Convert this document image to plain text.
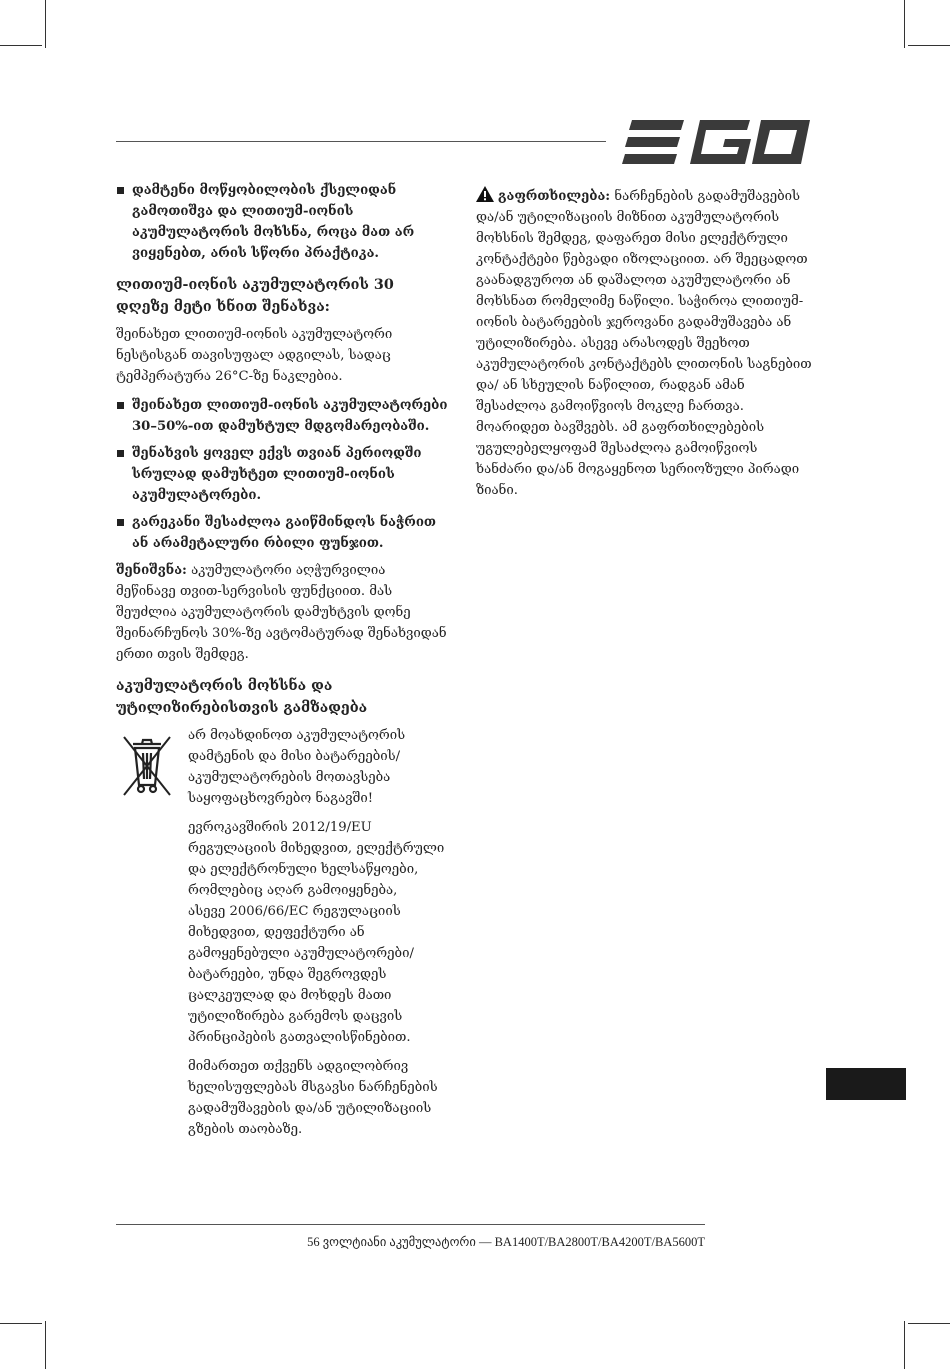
დამტენი მოწყობილობის ქსელიდან გამოთიშვა და ლითიუმ-იონის აკუმულატორის მოხსნა, როცა მათ არ ვიყენებთ, არის სწორი პრაქტიკა.
ლითიუმ-იონის აკუმულატორის 30 დღეზე მეტი ხნით შენახვა:

შეინახეთ ლითიუმ-იონის აკუმულატორი ნესტისგან თავისუფალ ადგილას, სადაც ტემპერატურა 26°C-ზე ნაკლებია.

შეინახეთ ლითიუმ-იონის აკუმულატორები 30–50%-ით დამუხტულ მდგომარეობაში.
შენახვის ყოველ ექვს თვიან პერიოდში სრულად დამუხტეთ ლითიუმ-იონის აკუმულატორები.
გარეკანი შესაძლოა გაიწმინდოს ნაჭრით ან არამეტალური რბილი ფუნჯით.

შენიშვნა: აკუმულატორი აღჭურვილია მეწინავე თვით-სერვისის ფუნქციით. მას შეუძლია აკუმულატორის დამუხტვის დონე შეინარჩუნოს 30%-ზე ავტომატურად შენახვიდან ერთი თვის შემდეგ.

აკუმულატორის მოხსნა და უტილიზირებისთვის გამზადება

არ მოახდინოთ აკუმულატორის დამტენის და მისი ბატარეების/ აკუმულატორების მოთავსება საყოფაცხოვრებო ნაგავში!

ევროკავშირის 2012/19/EU რეგულაციის მიხედვით, ელექტრული და ელექტრონული ხელსაწყოები, რომლებიც აღარ გამოიყენება,
ასევე 2006/66/EC რეგულაციის მიხედვით, დეფექტური ან გამოყენებული აკუმულატორები/ ბატარეები, უნდა შეგროვდეს ცალკეულად და მოხდეს მათი უტილიზირება გარემოს დაცვის პრინციპების გათვალისწინებით.

მიმართეთ თქვენს ადგილობრივ ხელისუფლებას მსგავსი ნარჩენების გადამუშავების და/ან უტილიზაციის გზების თაობაზე.

გაფრთხილება: ნარჩენების გადამუშავების და/ან უტილიზაციის მიზნით აკუმულატორის მოხსნის შემდეგ, დაფარეთ მისი ელექტრული კონტაქტები წებვადი იზოლაციით. არ შეეცადოთ გაანადგუროთ ან დაშალოთ აკუმულატორი ან მოხსნათ რომელიმე ნაწილი. საჭიროა ლითიუმ-იონის ბატარეების ჯეროვანი გადამუშავება ან უტილიზირება. ასევე არასოდეს შეეხოთ აკუმულატორის კონტაქტებს ლითონის საგნებით და/ ან სხეულის ნაწილით, რადგან ამან შესაძლოა გამოიწვიოს მოკლე ჩართვა. მოარიდეთ ბავშვებს. ამ გაფრთხილებების უგულებელყოფამ შესაძლოა გამოიწვიოს ხანძარი და/ან მოგაყენოთ სერიოზული პირადი ზიანი.

56 ვოლტიანი აკუმულატორი — BA1400T/BA2800T/BA4200T/BA5600T
